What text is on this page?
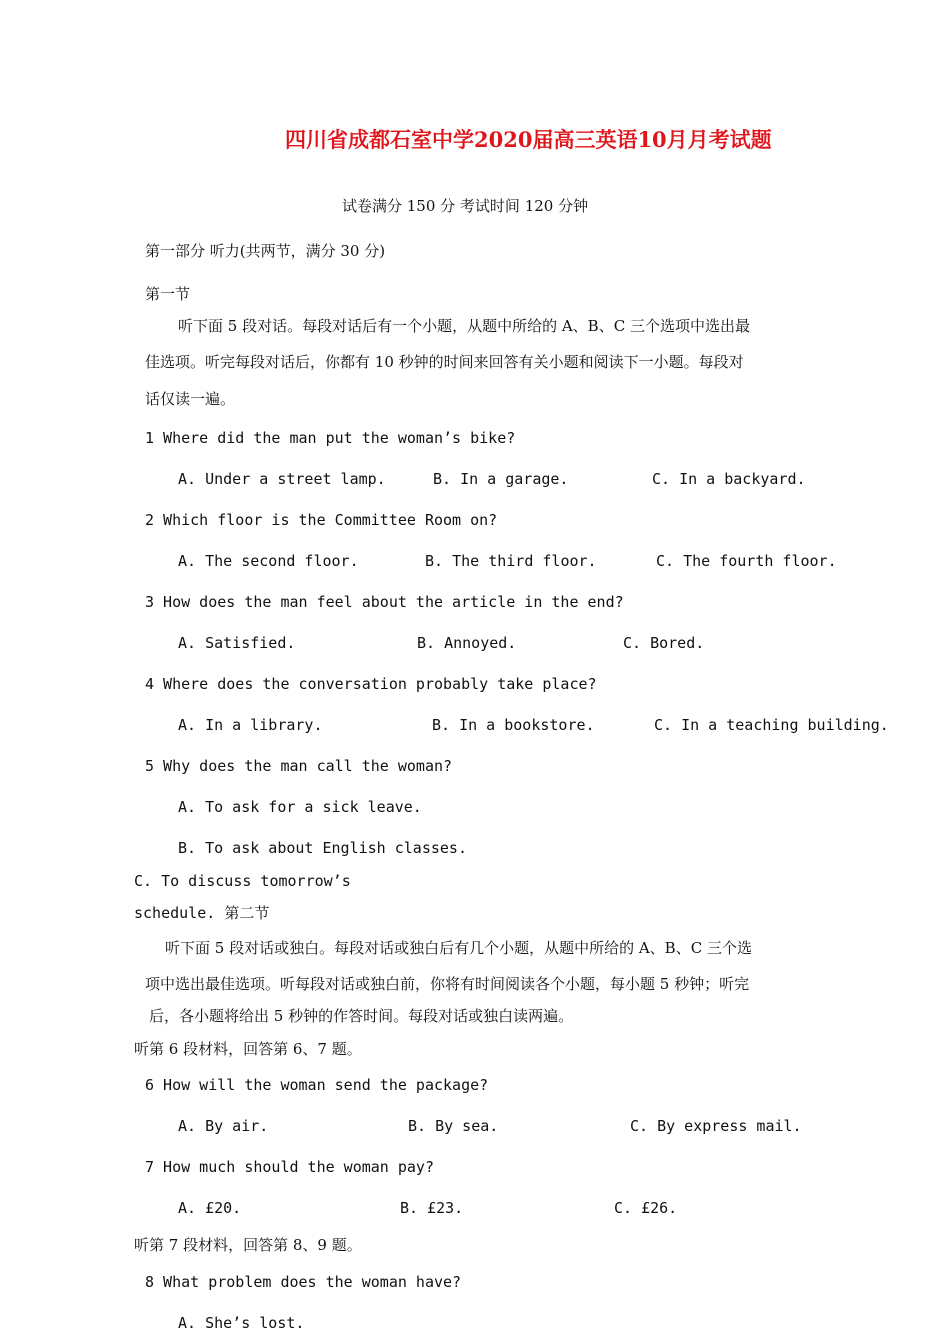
四川省成都石室中学2020届高三英语10月月考试题
试卷满分 150 分 考试时间 120 分钟
第一部分 听力(共两节，满分 30 分)
第一节
听下面 5 段对话。每段对话后有一个小题，从题中所给的 A、B、C 三个选项中选出最
佳选项。听完每段对话后，你都有 10 秒钟的时间来回答有关小题和阅读下一小题。每段对
话仅读一遍。
1 Where did the man put the woman’s bike?
A. Under a street lamp.	B. In a garage.	C. In a backyard.
2 Which floor is the Committee Room on?
A. The second floor.	B. The third floor.	C. The fourth floor.
3 How does the man feel about the article in the end?
A. Satisfied.	B. Annoyed.	C. Bored.
4 Where does the conversation probably take place?
A. In a library.	B. In a bookstore.	C. In a teaching building.
5 Why does the man call the woman?
A. To ask for a sick leave.
B. To ask about English classes.
C. To discuss tomorrow’s
schedule. 第二节
听下面 5 段对话或独白。每段对话或独白后有几个小题，从题中所给的 A、B、C 三个选
项中选出最佳选项。听每段对话或独白前，你将有时间阅读各个小题，每小题 5 秒钟；听完
后，各小题将给出 5 秒钟的作答时间。每段对话或独白读两遍。
听第 6 段材料，回答第 6、7 题。
6 How will the woman send the package?
A. By air.	B. By sea.	C. By express mail.
7 How much should the woman pay?
A. £20.	B. £23.	C. £26.
听第 7 段材料，回答第 8、9 题。
8 What problem does the woman have?
A. She’s lost.
